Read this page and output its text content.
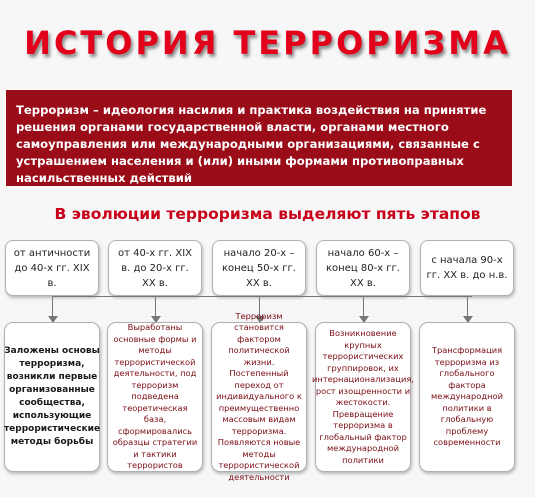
ИСТОРИЯ ТЕРРОРИЗМА
Терроризм – идеология насилия и практика воздействия на принятие решения органами государственной власти, органами местного самоуправления или международными организациями, связанные с устрашением населения и (или) иными формами противоправных насильственных действий
В эволюции терроризма выделяют пять этапов
от античности до 40-х гг. XIX в.
от 40-х гг. XIX в. до 20-х гг. XX в.
начало 20-х – конец 50-х гг. XX в.
начало 60-х – конец 80-х гг. XX в.
с начала 90-х гг. XX в. до н.в.
Заложены основы терроризма, возникли первые организованные сообщества, использующие террористические методы борьбы
Выработаны основные формы и методы террористической деятельности, под терроризм подведена теоретическая база, сформировались образцы стратегии и тактики террористов
Терроризм становится фактором политической жизни. Постепенный переход от индивидуального к преимущественно массовым видам терроризма. Появляются новые методы террористической деятельности
Возникновение крупных террористических группировок, их интернационализация, рост изощренности и жестокости. Превращение терроризма в глобальный фактор международной политики
Трансформация терроризма из глобального фактора международной политики в глобальную проблему современности
